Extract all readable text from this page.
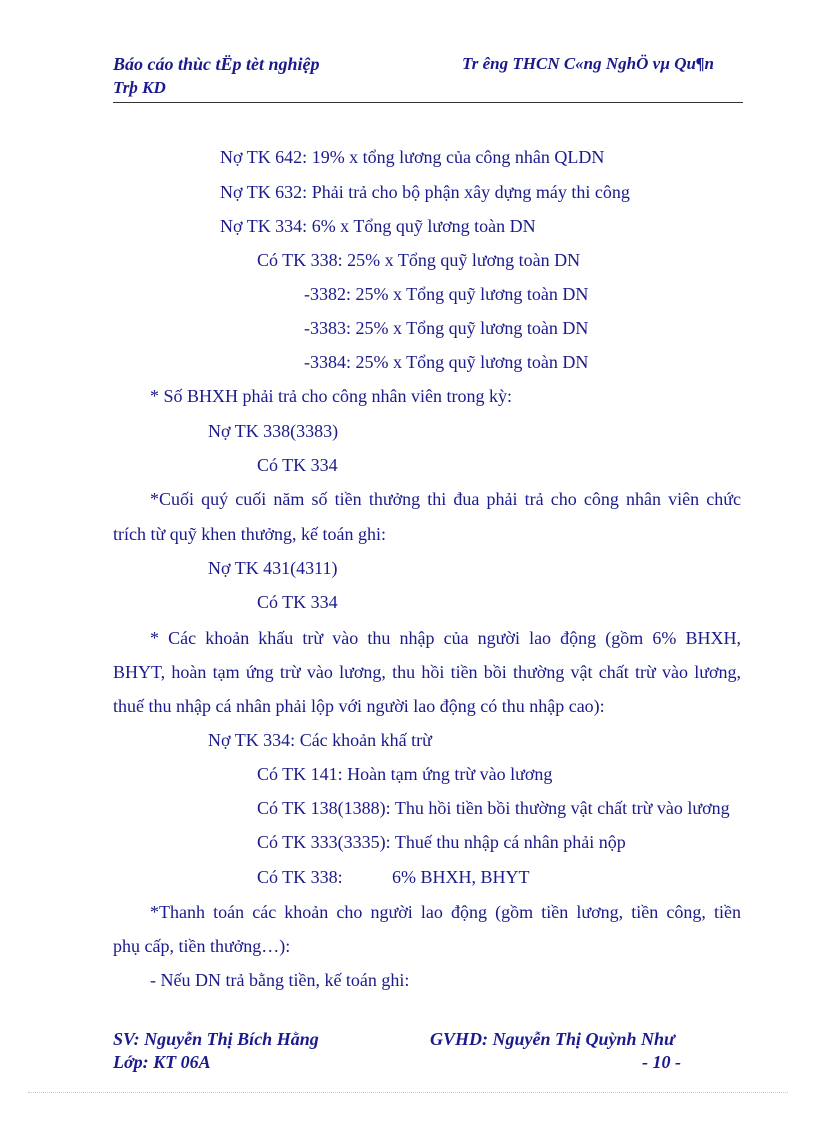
Báo cáo thùc tËp tèt nghiệp
Trþ KD
Tr êng THCN C«ng NghÖ vµ Qu¶n
Nợ TK 642: 19% x tổng lương của công nhân QLDN
Nợ TK 632: Phải trả cho bộ phận xây dựng máy thi công
Nợ TK 334: 6% x Tổng quỹ lương toàn DN
Có TK 338: 25% x Tổng quỹ lương toàn DN
-3382: 25% x Tổng quỹ lương toàn DN
-3383: 25% x Tổng quỹ lương toàn DN
-3384: 25% x Tổng quỹ lương toàn DN
* Số BHXH phải trả cho công nhân viên trong kỳ:
Nợ TK 338(3383)
Có TK 334
*Cuối quý cuối năm số tiền thưởng thi đua phải trả cho công nhân viên chức
trích từ quỹ khen thưởng, kế toán ghi:
Nợ TK 431(4311)
Có TK 334
* Các khoản khấu trừ vào thu nhập của người lao động (gồm 6% BHXH,
BHYT, hoàn tạm ứng trừ vào lương, thu hồi tiền bồi thường vật chất trừ vào lương,
thuế thu nhập cá nhân phải lộp với người lao động có thu nhập cao):
Nợ TK 334: Các khoản khấ trừ
Có TK 141: Hoàn tạm ứng trừ vào lương
Có TK 138(1388): Thu hồi tiền bồi thường vật chất trừ vào lương
Có TK 333(3335): Thuế thu nhập cá nhân phải nộp
Có TK 338:	6% BHXH, BHYT
*Thanh toán các khoản cho người lao động (gồm tiền lương, tiền công, tiền
phụ cấp, tiền thưởng…):
- Nếu DN trả bằng tiền, kế toán ghi:
SV: Nguyễn Thị Bích Hằng
Lớp: KT 06A
GVHD: Nguyễn Thị Quỳnh Như
- 10 -
